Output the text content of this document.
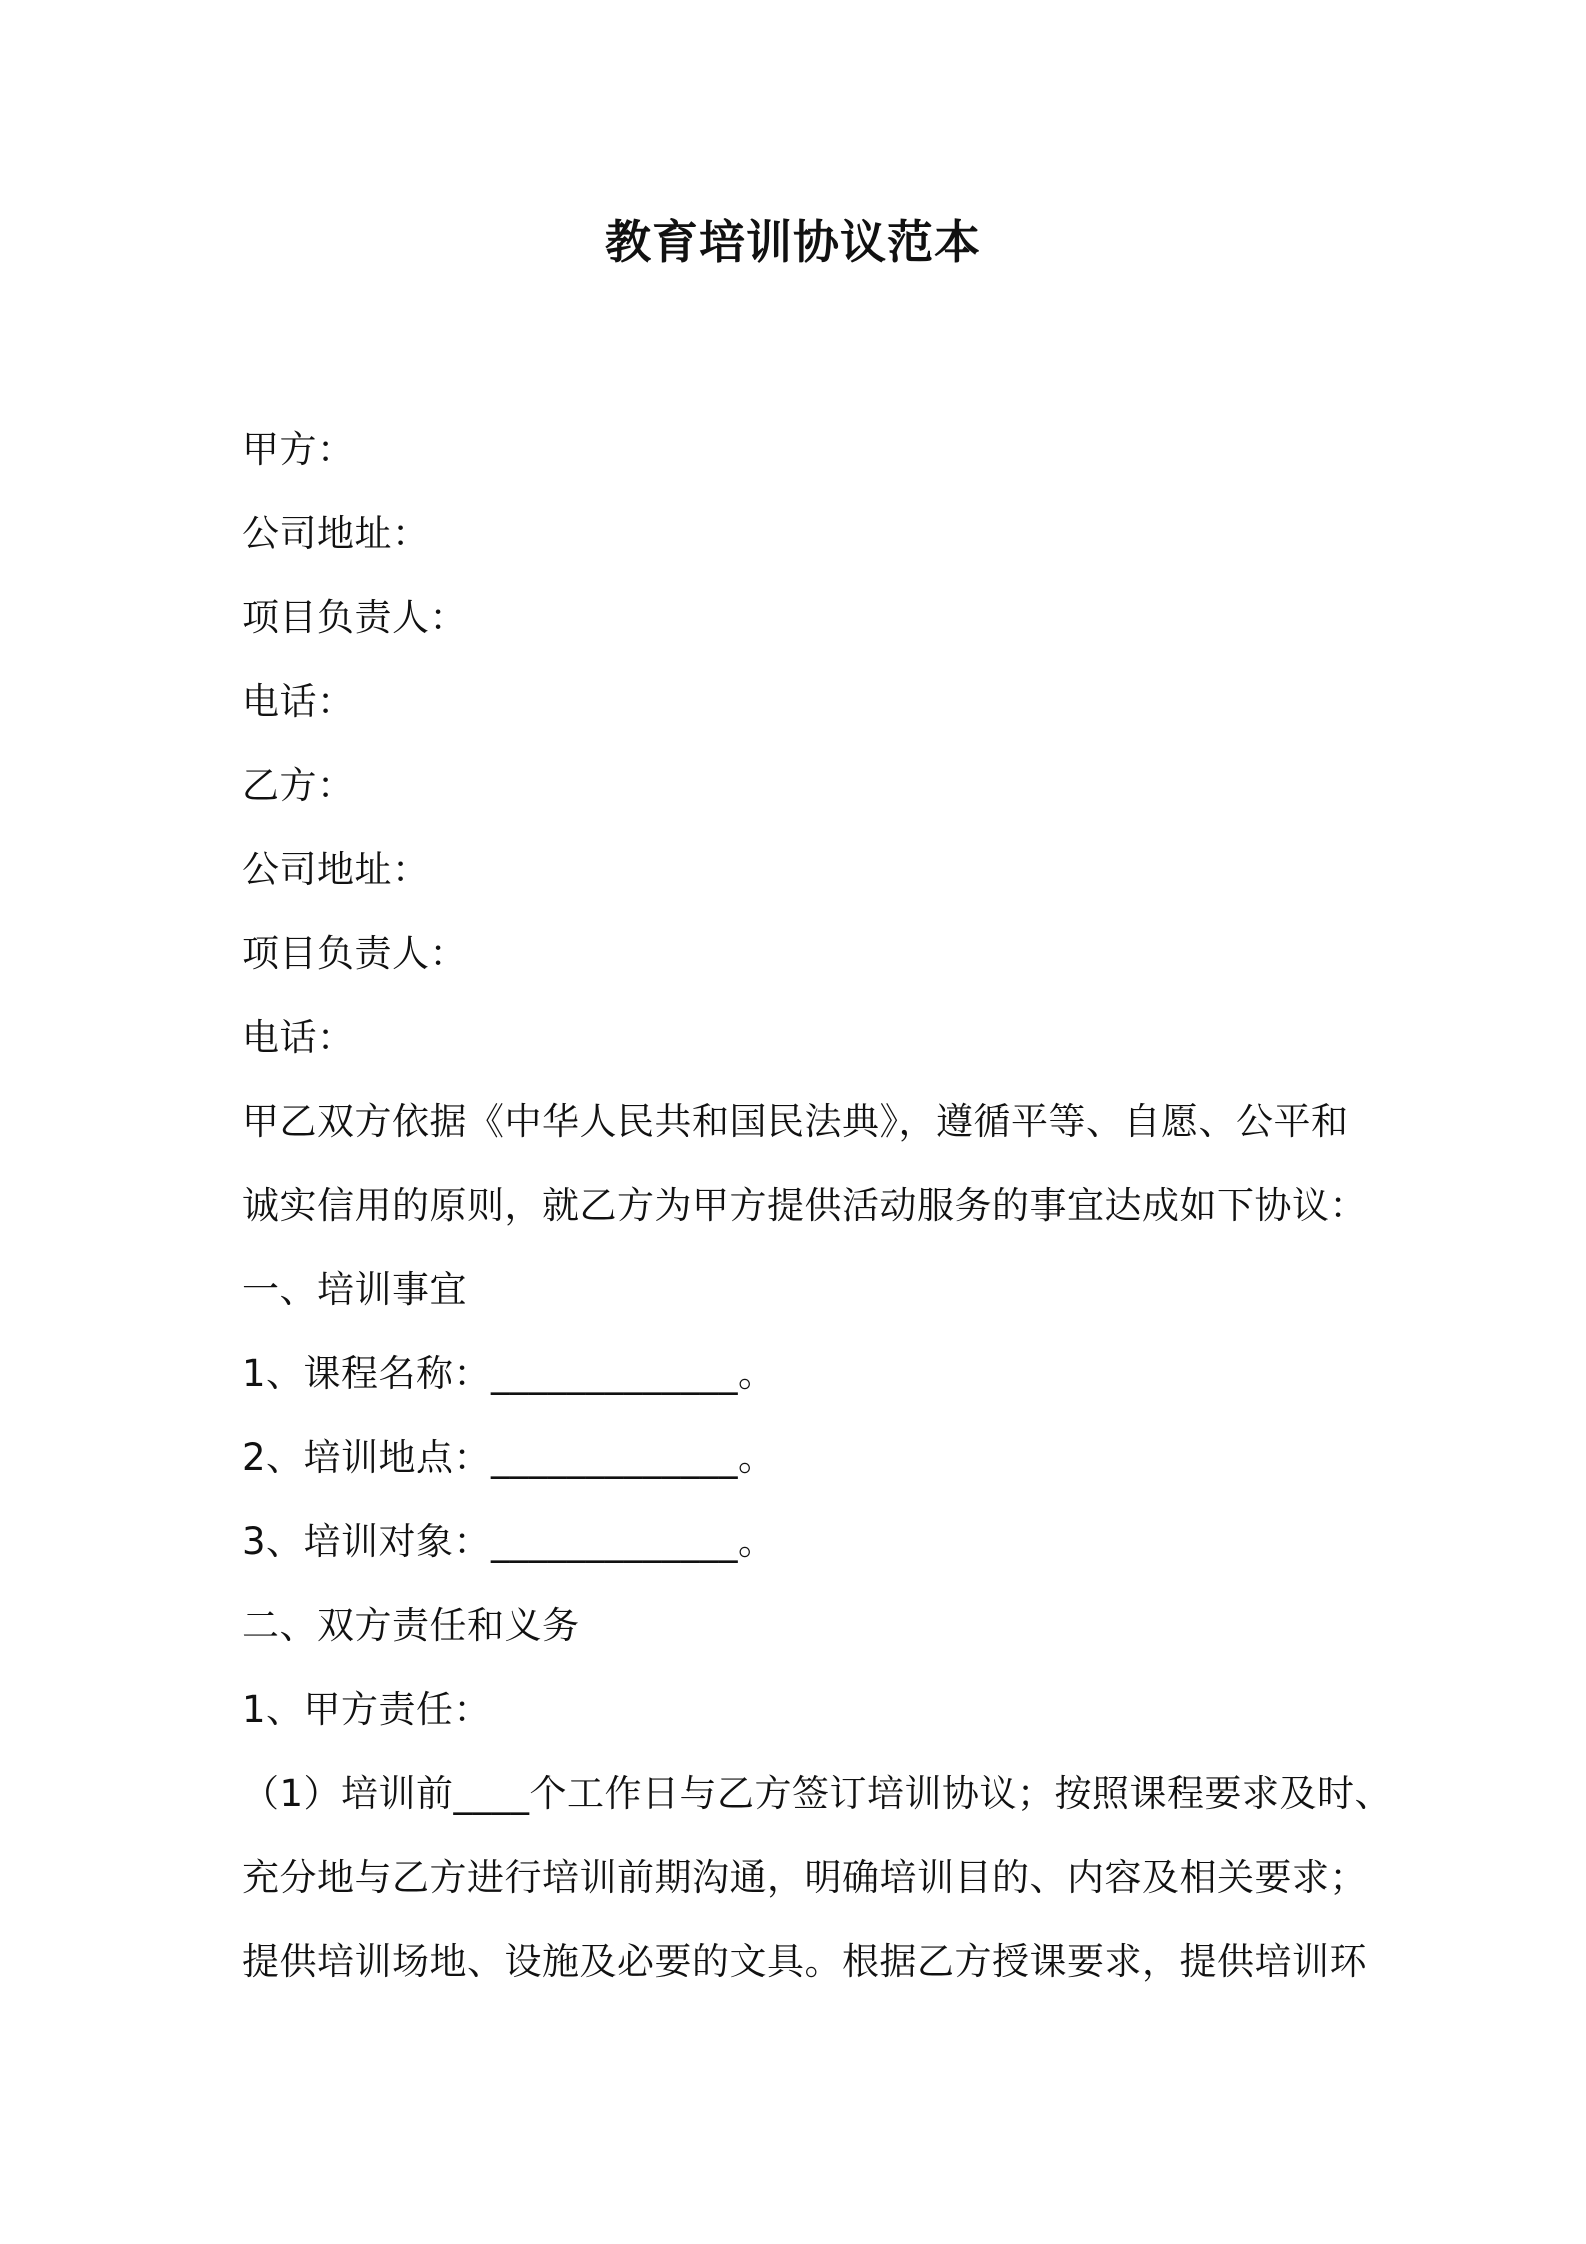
教育培训协议范本
甲方：
公司地址：
项目负责人：
电话：
乙方：
公司地址：
项目负责人：
电话：
甲乙双方依据《中华人民共和国民法典》，遵循平等、自愿、公平和
诚实信用的原则，就乙方为甲方提供活动服务的事宜达成如下协议：
一、培训事宜
1、课程名称：_____________。
2、培训地点：_____________。
3、培训对象：_____________。
二、双方责任和义务
1、甲方责任：
（1）培训前____个工作日与乙方签订培训协议；按照课程要求及时、
充分地与乙方进行培训前期沟通，明确培训目的、内容及相关要求；
提供培训场地、设施及必要的文具。根据乙方授课要求，提供培训环
